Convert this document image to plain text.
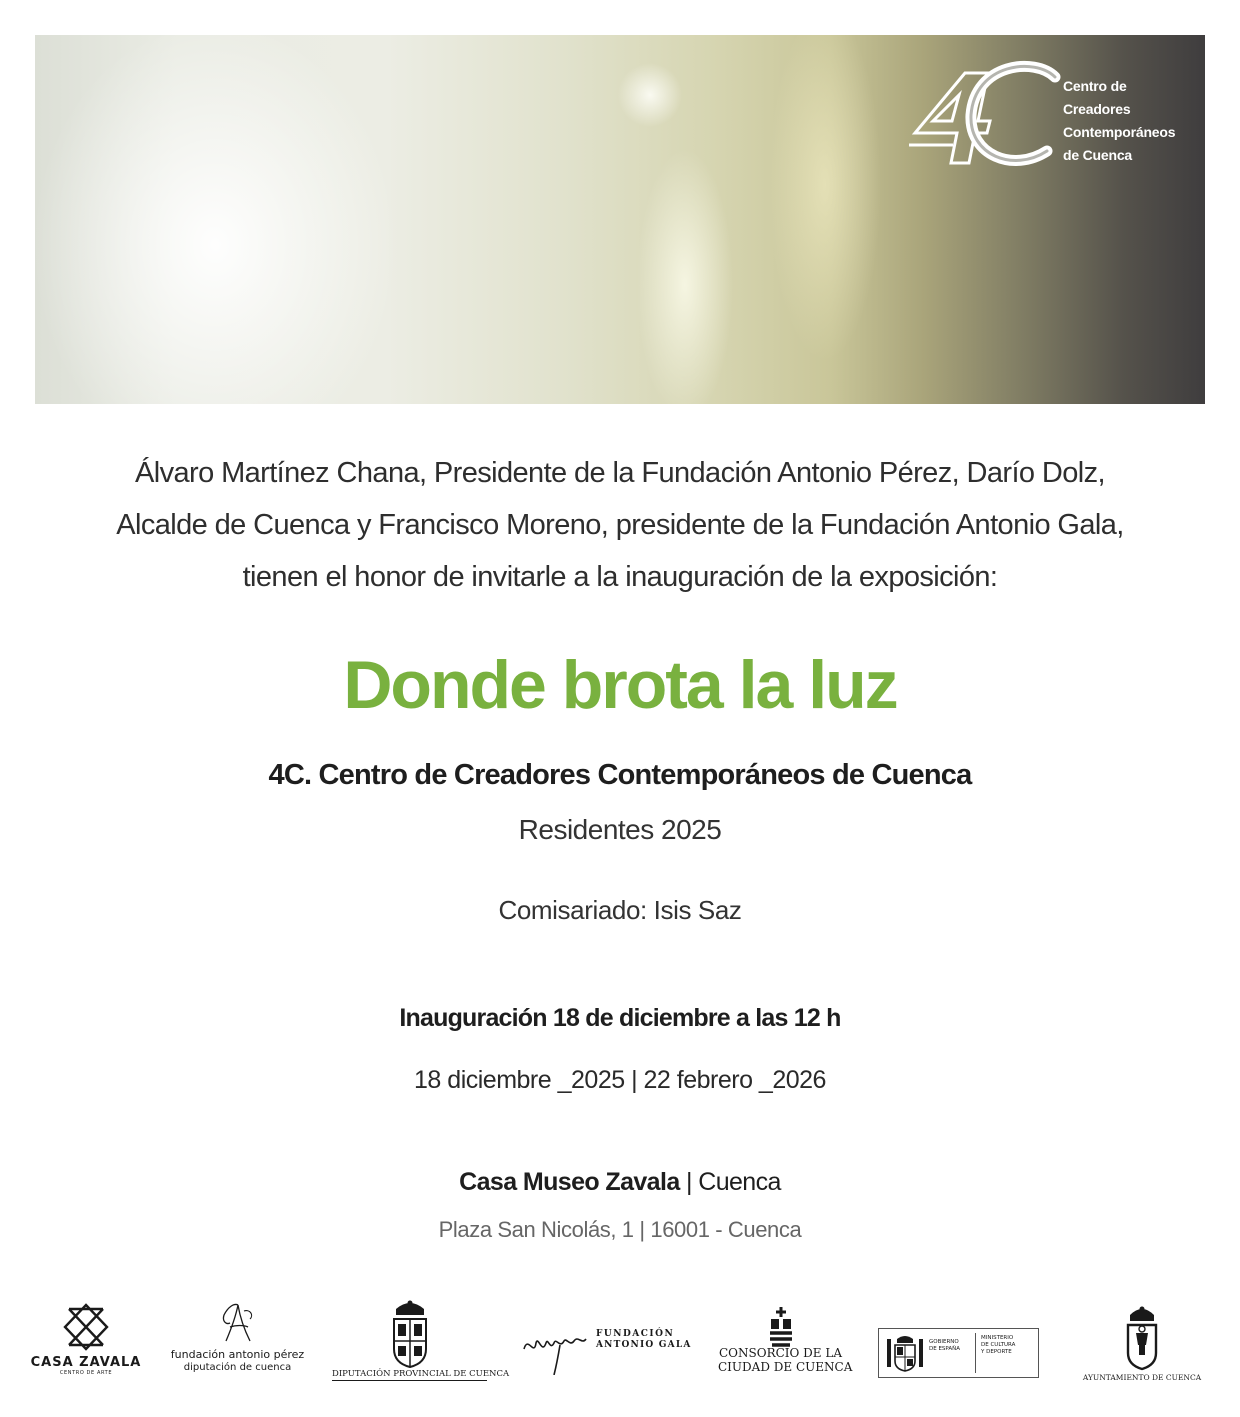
Centro de
Creadores
Contemporáneos
de Cuenca
Álvaro Martínez Chana, Presidente de la Fundación Antonio Pérez, Darío Dolz,
Alcalde de Cuenca y Francisco Moreno, presidente de la Fundación Antonio Gala,
tienen el honor de invitarle a la inauguración de la exposición:
Donde brota la luz
4C. Centro de Creadores Contemporáneos de Cuenca
Residentes 2025
Comisariado: Isis Saz
Inauguración 18 de diciembre a las 12 h
18 diciembre _2025 | 22 febrero _2026
Casa Museo Zavala | Cuenca
Plaza San Nicolás, 1 | 16001 - Cuenca
CASA ZAVALA
CENTRO DE ARTE
fundación antonio pérez
diputación de cuenca
DIPUTACIÓN PROVINCIAL DE CUENCA
FUNDACIÓN
ANTONIO GALA
CONSORCIO DE LA
CIUDAD DE CUENCA
GOBIERNO
DE ESPAÑA
MINISTERIO
DE CULTURA
Y DEPORTE
AYUNTAMIENTO DE CUENCA
